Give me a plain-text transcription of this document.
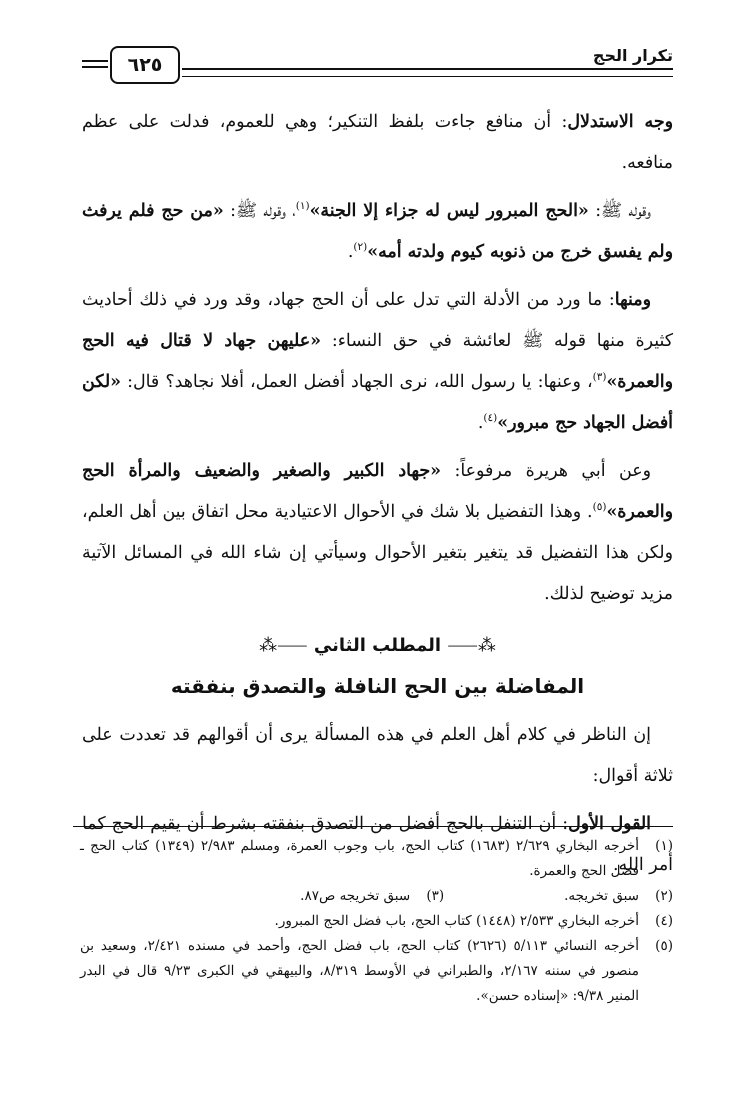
تكرار الحج
٦٢٥

وجه الاستدلال: أن منافع جاءت بلفظ التنكير؛ وهي للعموم، فدلت على عظم منافعه.

وقوله ﷺ: «الحج المبرور ليس له جزاء إلا الجنة»$^{(١)}$، وقوله ﷺ: «من حج فلم يرفث ولم يفسق خرج من ذنوبه كيوم ولدته أمه»$^{(٢)}$.

ومنها: ما ورد من الأدلة التي تدل على أن الحج جهاد، وقد ورد في ذلك أحاديث كثيرة منها قوله ﷺ لعائشة في حق النساء: «عليهن جهاد لا قتال فيه الحج والعمرة»$^{(٣)}$، وعنها: يا رسول الله، نرى الجهاد أفضل العمل، أفلا نجاهد؟ قال: «لكن أفضل الجهاد حج مبرور»$^{(٤)}$.

وعن أبي هريرة مرفوعاً: «جهاد الكبير والصغير والضعيف والمرأة الحج والعمرة»$^{(٥)}$. وهذا التفضيل بلا شك في الأحوال الاعتيادية محل اتفاق بين أهل العلم، ولكن هذا التفضيل قد يتغير بتغير الأحوال وسيأتي إن شاء الله في المسائل الآتية مزيد توضيح لذلك.

⁂⸺ المطلب الثاني ⸺⁂
المفاضلة بين الحج النافلة والتصدق بنفقته

إن الناظر في كلام أهل العلم في هذه المسألة يرى أن أقوالهم قد تعددت على ثلاثة أقوال:

القول الأول: أن التنفل بالحج أفضل من التصدق بنفقته بشرط أن يقيم الحج كما أمر الله.

(١)
أخرجه البخاري ٢/٦٢٩ (١٦٨٣) كتاب الحج، باب وجوب العمرة، ومسلم ٢/٩٨٣ (١٣٤٩) كتاب الحج ـ فضل الحج والعمرة.
(٢)
سبق تخريجه.
(٣)
سبق تخريجه ص٨٧.
(٤)
أخرجه البخاري ٢/٥٣٣ (١٤٤٨) كتاب الحج، باب فضل الحج المبرور.
(٥)
أخرجه النسائي ٥/١١٣ (٢٦٢٦) كتاب الحج، باب فضل الحج، وأحمد في مسنده ٢/٤٢١، وسعيد بن منصور في سننه ٢/١٦٧، والطبراني في الأوسط ٨/٣١٩، والبيهقي في الكبرى ٩/٢٣ قال في البدر المنير ٩/٣٨: «إسناده حسن».
